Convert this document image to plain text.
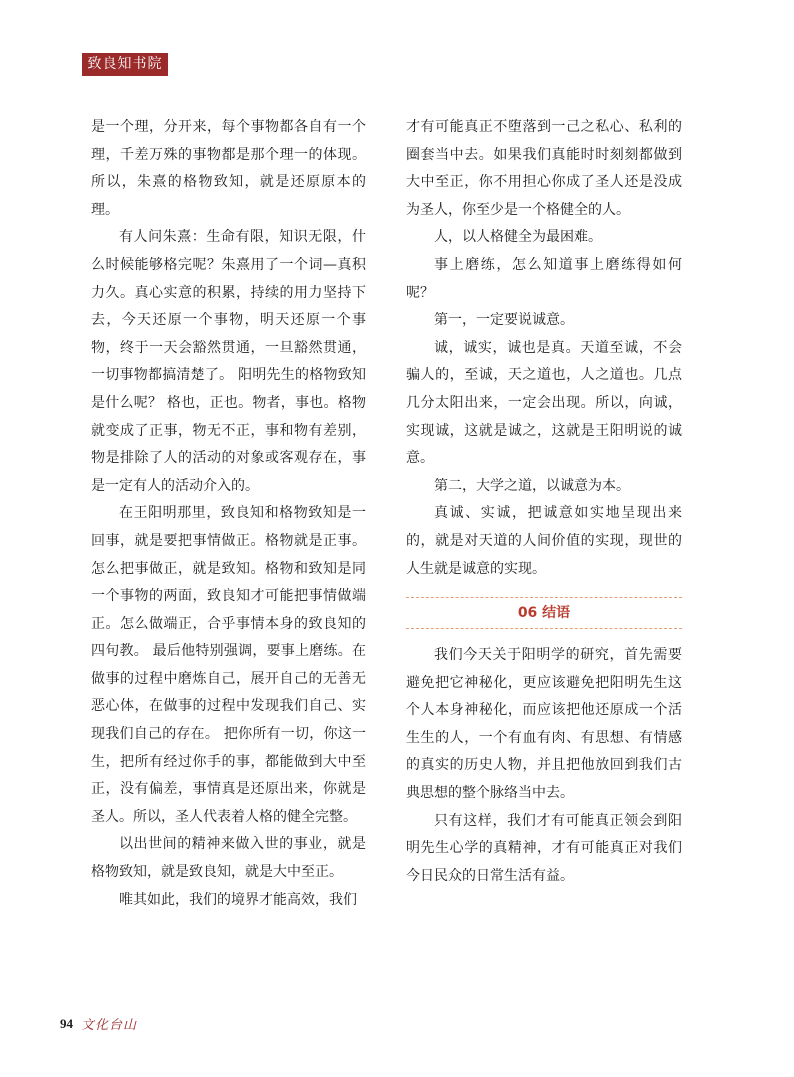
致良知书院

是一个理，分开来，每个事物都各自有一个理，千差万殊的事物都是那个理一的体现。所以，朱熹的格物致知，就是还原原本的理。

有人问朱熹：生命有限，知识无限，什么时候能够格完呢？朱熹用了一个词—真积力久。真心实意的积累，持续的用力坚持下去，今天还原一个事物，明天还原一个事物，终于一天会豁然贯通，一旦豁然贯通，一切事物都搞清楚了。 阳明先生的格物致知是什么呢？ 格也，正也。物者，事也。格物就变成了正事，物无不正，事和物有差别，物是排除了人的活动的对象或客观存在，事是一定有人的活动介入的。

在王阳明那里，致良知和格物致知是一回事，就是要把事情做正。格物就是正事。怎么把事做正，就是致知。格物和致知是同一个事物的两面，致良知才可能把事情做端正。怎么做端正，合乎事情本身的致良知的四句教。 最后他特别强调，要事上磨练。在做事的过程中磨炼自己，展开自己的无善无恶心体，在做事的过程中发现我们自己、实现我们自己的存在。 把你所有一切，你这一生，把所有经过你手的事，都能做到大中至正，没有偏差，事情真是还原出来，你就是圣人。所以，圣人代表着人格的健全完整。

以出世间的精神来做入世的事业，就是格物致知，就是致良知，就是大中至正。

唯其如此，我们的境界才能高效，我们

才有可能真正不堕落到一己之私心、私利的圈套当中去。如果我们真能时时刻刻都做到大中至正，你不用担心你成了圣人还是没成为圣人，你至少是一个格健全的人。

人，以人格健全为最困难。

事上磨练，怎么知道事上磨练得如何呢？

第一，一定要说诚意。

诚，诚实，诚也是真。天道至诚，不会骗人的，至诚，天之道也，人之道也。几点几分太阳出来，一定会出现。所以，向诚，实现诚，这就是诚之，这就是王阳明说的诚意。

第二，大学之道，以诚意为本。

真诚、实诚，把诚意如实地呈现出来的，就是对天道的人间价值的实现，现世的人生就是诚意的实现。

06 结语

我们今天关于阳明学的研究，首先需要避免把它神秘化，更应该避免把阳明先生这个人本身神秘化，而应该把他还原成一个活生生的人，一个有血有肉、有思想、有情感的真实的历史人物，并且把他放回到我们古典思想的整个脉络当中去。

只有这样，我们才有可能真正领会到阳明先生心学的真精神，才有可能真正对我们今日民众的日常生活有益。

94 文化台山
